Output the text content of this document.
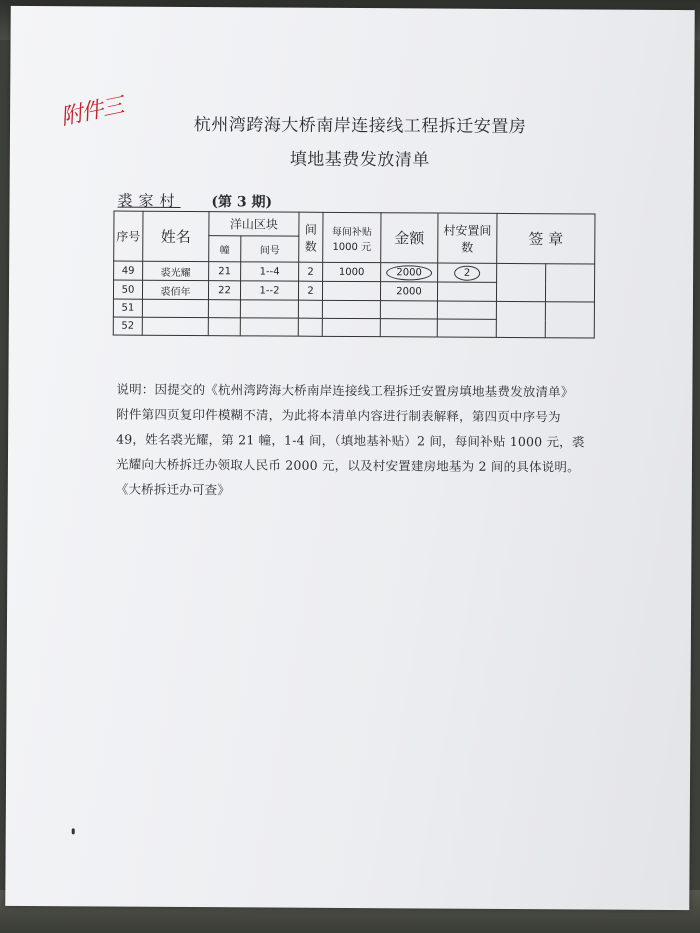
附件三	杭州湾跨海大桥南岸连接线工程拆迁安置房
填地基费发放清单
裘家村 (第 3 期)
序号	姓名	洋山区块		间数	每间补贴 1000 元	金额	村安置间数	签 章	
		幢	间号						
49	裘光耀	21	1--4	2	1000	2000	2		
50	裘佰年	22	1--2	2		2000			
51									
52									
说明：因提交的《杭州湾跨海大桥南岸连接线工程拆迁安置房填地基费发放清单》
附件第四页复印件模糊不清，为此将本清单内容进行制表解释，第四页中序号为
49，姓名裘光耀，第 21 幢，1-4 间，（填地基补贴）2 间，每间补贴 1000 元，裘
光耀向大桥拆迁办领取人民币 2000 元，以及村安置建房地基为 2 间的具体说明。
《大桥拆迁办可查》
